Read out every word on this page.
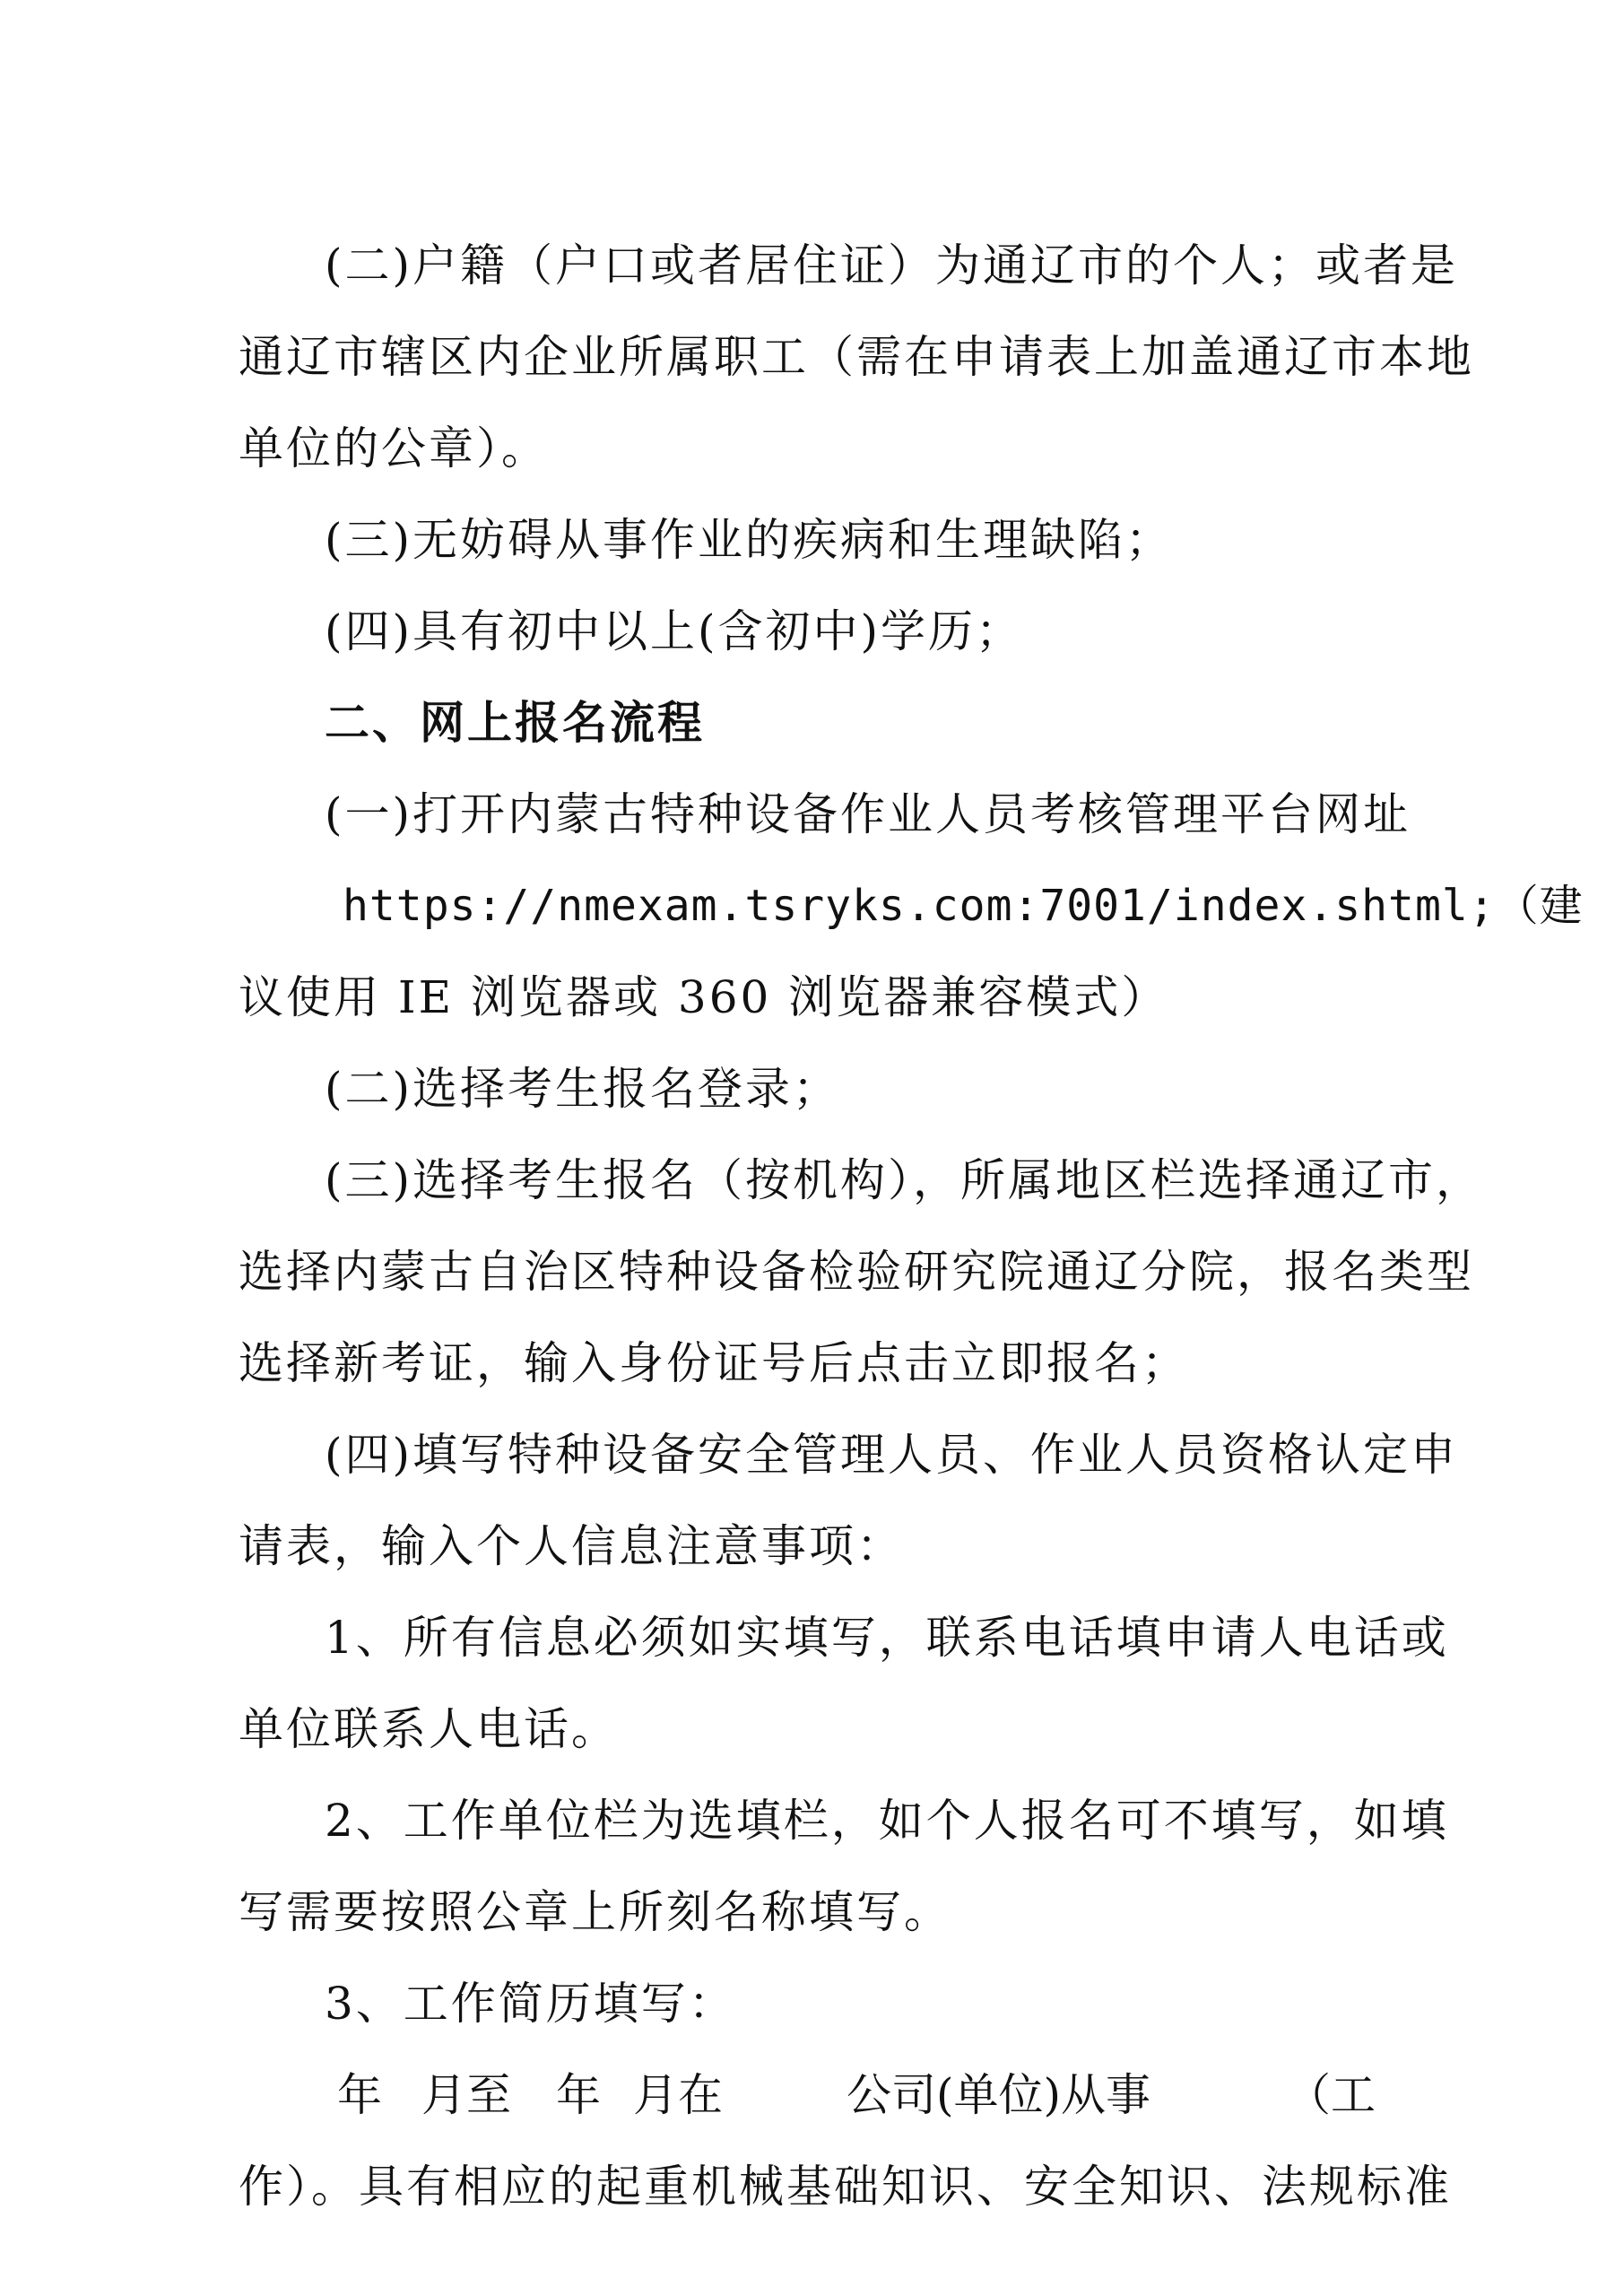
(二)户籍（户口或者居住证）为通辽市的个人；或者是
通辽市辖区内企业所属职工（需在申请表上加盖通辽市本地
单位的公章）。
(三)无妨碍从事作业的疾病和生理缺陷；
(四)具有初中以上(含初中)学历；
二、网上报名流程
(一)打开内蒙古特种设备作业人员考核管理平台网址
https://nmexam.tsryks.com:7001/index.shtml;（建
议使用 IE 浏览器或 360 浏览器兼容模式）
(二)选择考生报名登录；
(三)选择考生报名（按机构），所属地区栏选择通辽市，
选择内蒙古自治区特种设备检验研究院通辽分院，报名类型
选择新考证，输入身份证号后点击立即报名；
(四)填写特种设备安全管理人员、作业人员资格认定申
请表，输入个人信息注意事项：
1、所有信息必须如实填写，联系电话填申请人电话或
单位联系人电话。
2、工作单位栏为选填栏，如个人报名可不填写，如填
写需要按照公章上所刻名称填写。
3、工作简历填写：
年 月至 年 月在	公司(单位)从事	（工
作）。具有相应的起重机械基础知识、安全知识、法规标准
